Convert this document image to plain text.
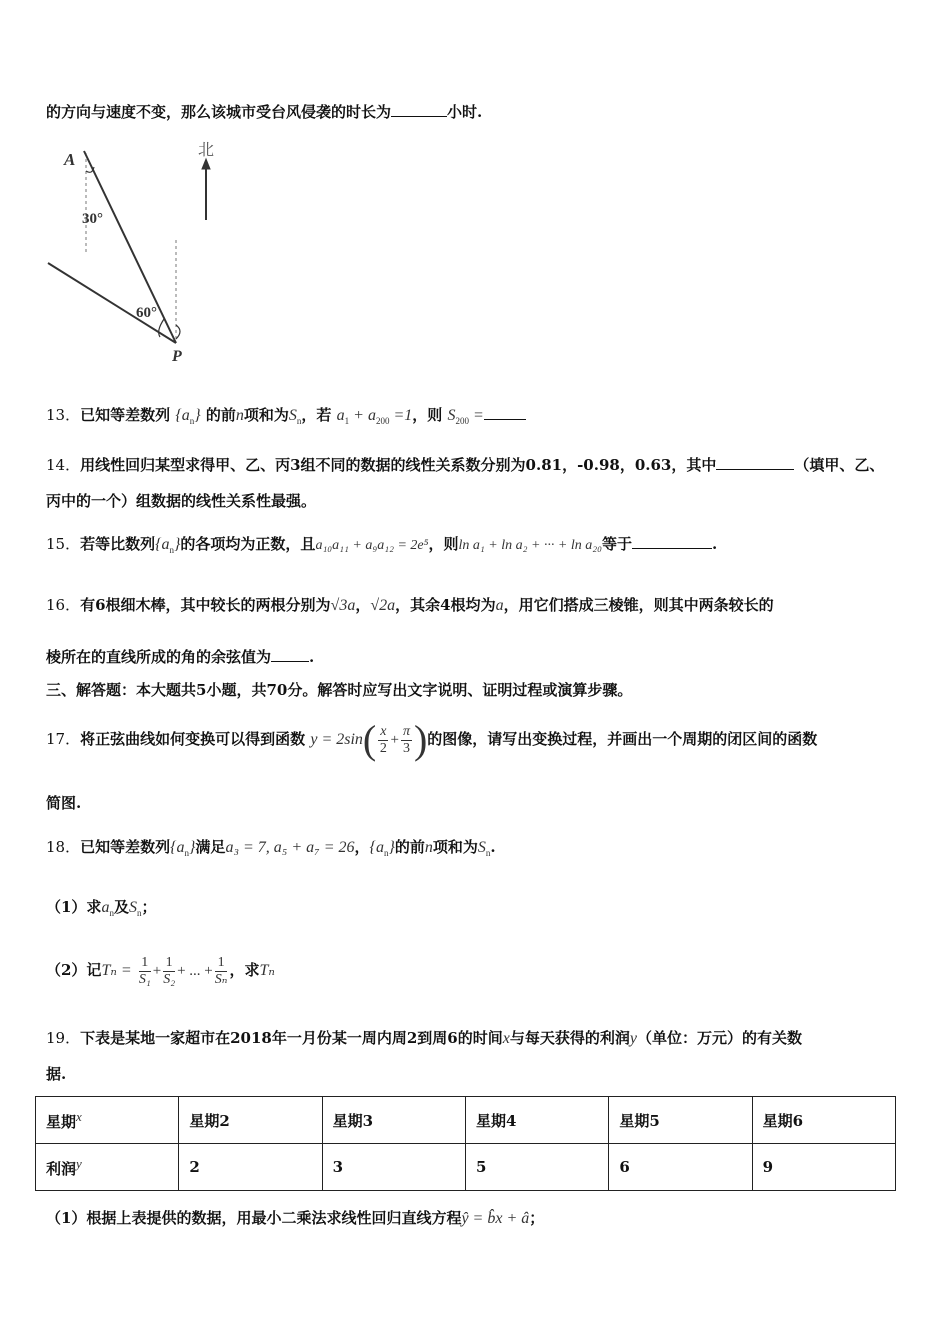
的方向与速度不变，那么该城市受台风侵袭的时长为	小时.
A
30°
60°
P
北
13．已知等差数列 $\{a_n\}$ 的前n项和为$S_n$，若 $a_1 + a_{200} =1$，则 $S_{200}$ =
14．用线性回归某型求得甲、乙、丙3组不同的数据的线性关系数分别为0.81，-0.98，0.63，其中	（填甲、乙、
丙中的一个）组数据的线性关系性最强。
15．若等比数列$\{a_n\}$的各项均为正数，且a₁₀a₁₁ + a₉a₁₂ = 2e⁵，则ln a₁ + ln a₂ + ··· + ln a₂₀等于	.
16．有6根细木棒，其中较长的两根分别为√3a，√2a，其余4根均为a，用它们搭成三棱锥，则其中两条较长的
棱所在的直线所成的角的余弦值为	.
三、解答题：本大题共5小题，共70分。解答时应写出文字说明、证明过程或演算步骤。
17．将正弦曲线如何变换可以得到函数 $y = 2\sin( \frac{x}{2} + \frac{\pi}{3}$ )的图像，请写出变换过程，并画出一个周期的闭区间的函数
简图.
18．已知等差数列$\{a_n\}$满足a₃ = 7, a₅ + a₇ = 26，$\{a_n\}$的前n项和为$S_n$.
（1）求$a_n$及$S_n$；
（2）记$T_n = \frac{1}{\text{S₁}} + \frac{1}{\text{S₂}}$ + ... + $\frac{1}{\text{Sₙ}}$ ，求Tₙ
19．下表是某地一家超市在2018年一月份某一周内周2到周6的时间x与每天获得的利润y（单位：万元）的有关数
据.
星期x	星期2	星期3	星期4	星期5	星期6
利润y	2	3	5	6	9
（1）根据上表提供的数据，用最小二乘法求线性回归直线方程ŷ = b̂x + â；
